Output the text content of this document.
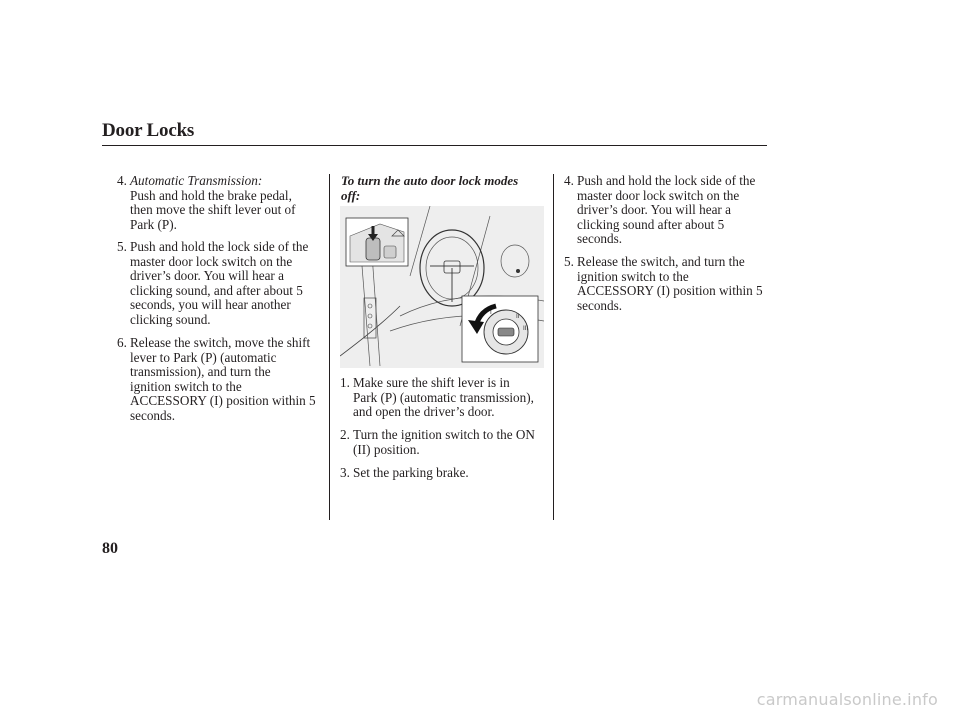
Door Locks
4. Automatic Transmission:
Push and hold the brake pedal,
then move the shift lever out of
Park (P).
5. Push and hold the lock side of the
master door lock switch on the
driver’s door. You will hear a
clicking sound, and after about 5
seconds, you will hear another
clicking sound.
6. Release the switch, move the shift
lever to Park (P) (automatic
transmission), and turn the
ignition switch to the
ACCESSORY (I) position within 5
seconds.
To turn the auto door lock modes
off:
II
III
I
1. Make sure the shift lever is in
Park (P) (automatic transmission),
and open the driver’s door.
2. Turn the ignition switch to the ON
(II) position.
3. Set the parking brake.
4. Push and hold the lock side of the
master door lock switch on the
driver’s door. You will hear a
clicking sound after about 5
seconds.
5. Release the switch, and turn the
ignition switch to the
ACCESSORY (I) position within 5
seconds.
80
carmanualsonline.info
